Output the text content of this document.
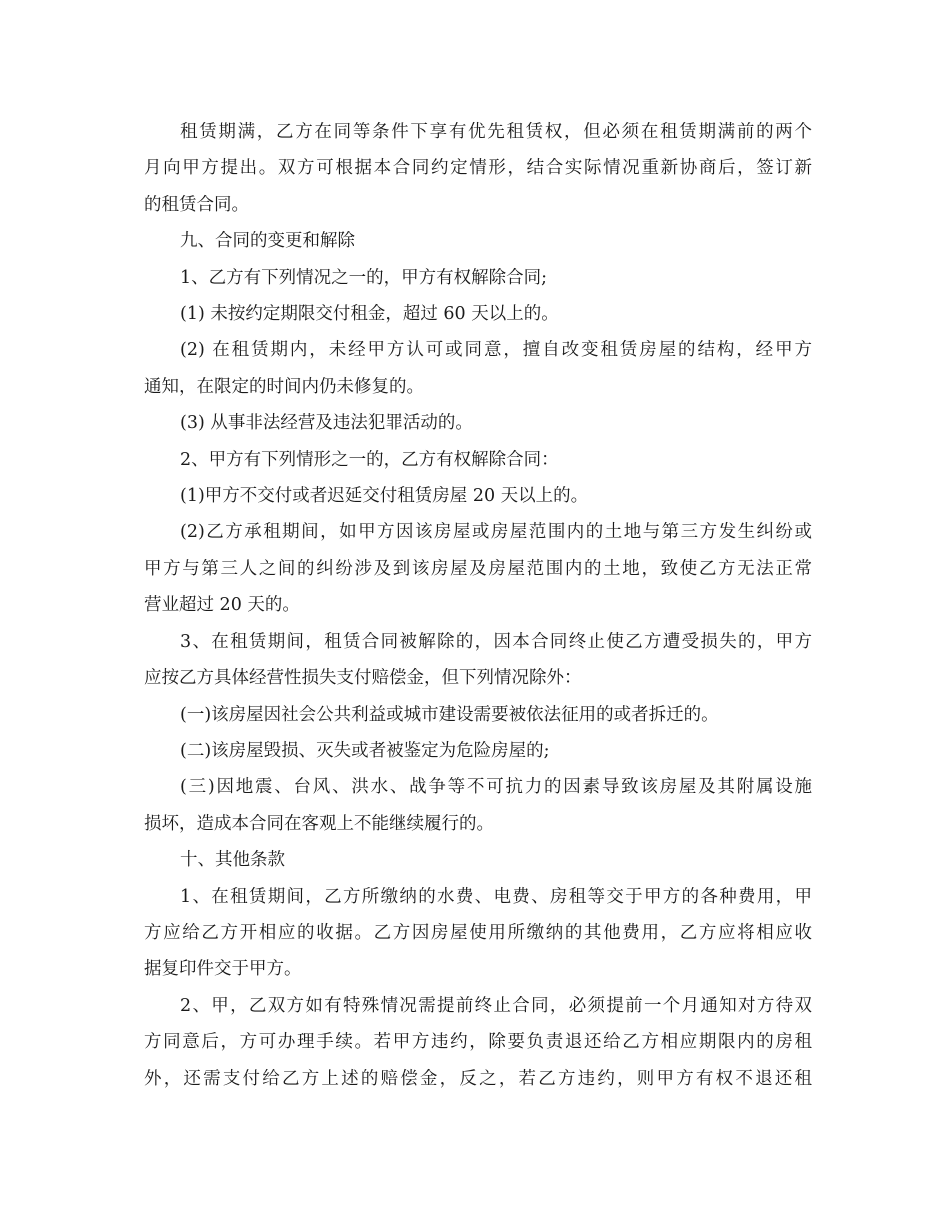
租赁期满，乙方在同等条件下享有优先租赁权，但必须在租赁期满前的两个
月向甲方提出。双方可根据本合同约定情形，结合实际情况重新协商后，签订新
的租赁合同。
九、合同的变更和解除
1、乙方有下列情况之一的，甲方有权解除合同;
(1) 未按约定期限交付租金，超过 60 天以上的。
(2) 在租赁期内，未经甲方认可或同意，擅自改变租赁房屋的结构，经甲方
通知，在限定的时间内仍未修复的。
(3) 从事非法经营及违法犯罪活动的。
2、甲方有下列情形之一的，乙方有权解除合同：
(1)甲方不交付或者迟延交付租赁房屋 20 天以上的。
(2)乙方承租期间，如甲方因该房屋或房屋范围内的土地与第三方发生纠纷或
甲方与第三人之间的纠纷涉及到该房屋及房屋范围内的土地，致使乙方无法正常
营业超过 20 天的。
3、在租赁期间，租赁合同被解除的，因本合同终止使乙方遭受损失的，甲方
应按乙方具体经营性损失支付赔偿金，但下列情况除外：
(一)该房屋因社会公共利益或城市建设需要被依法征用的或者拆迁的。
(二)该房屋毁损、灭失或者被鉴定为危险房屋的;
(三)因地震、台风、洪水、战争等不可抗力的因素导致该房屋及其附属设施
损坏，造成本合同在客观上不能继续履行的。
十、其他条款
1、在租赁期间，乙方所缴纳的水费、电费、房租等交于甲方的各种费用，甲
方应给乙方开相应的收据。乙方因房屋使用所缴纳的其他费用，乙方应将相应收
据复印件交于甲方。
2、甲，乙双方如有特殊情况需提前终止合同，必须提前一个月通知对方待双
方同意后，方可办理手续。若甲方违约，除要负责退还给乙方相应期限内的房租
外，还需支付给乙方上述的赔偿金，反之，若乙方违约，则甲方有权不退还租
